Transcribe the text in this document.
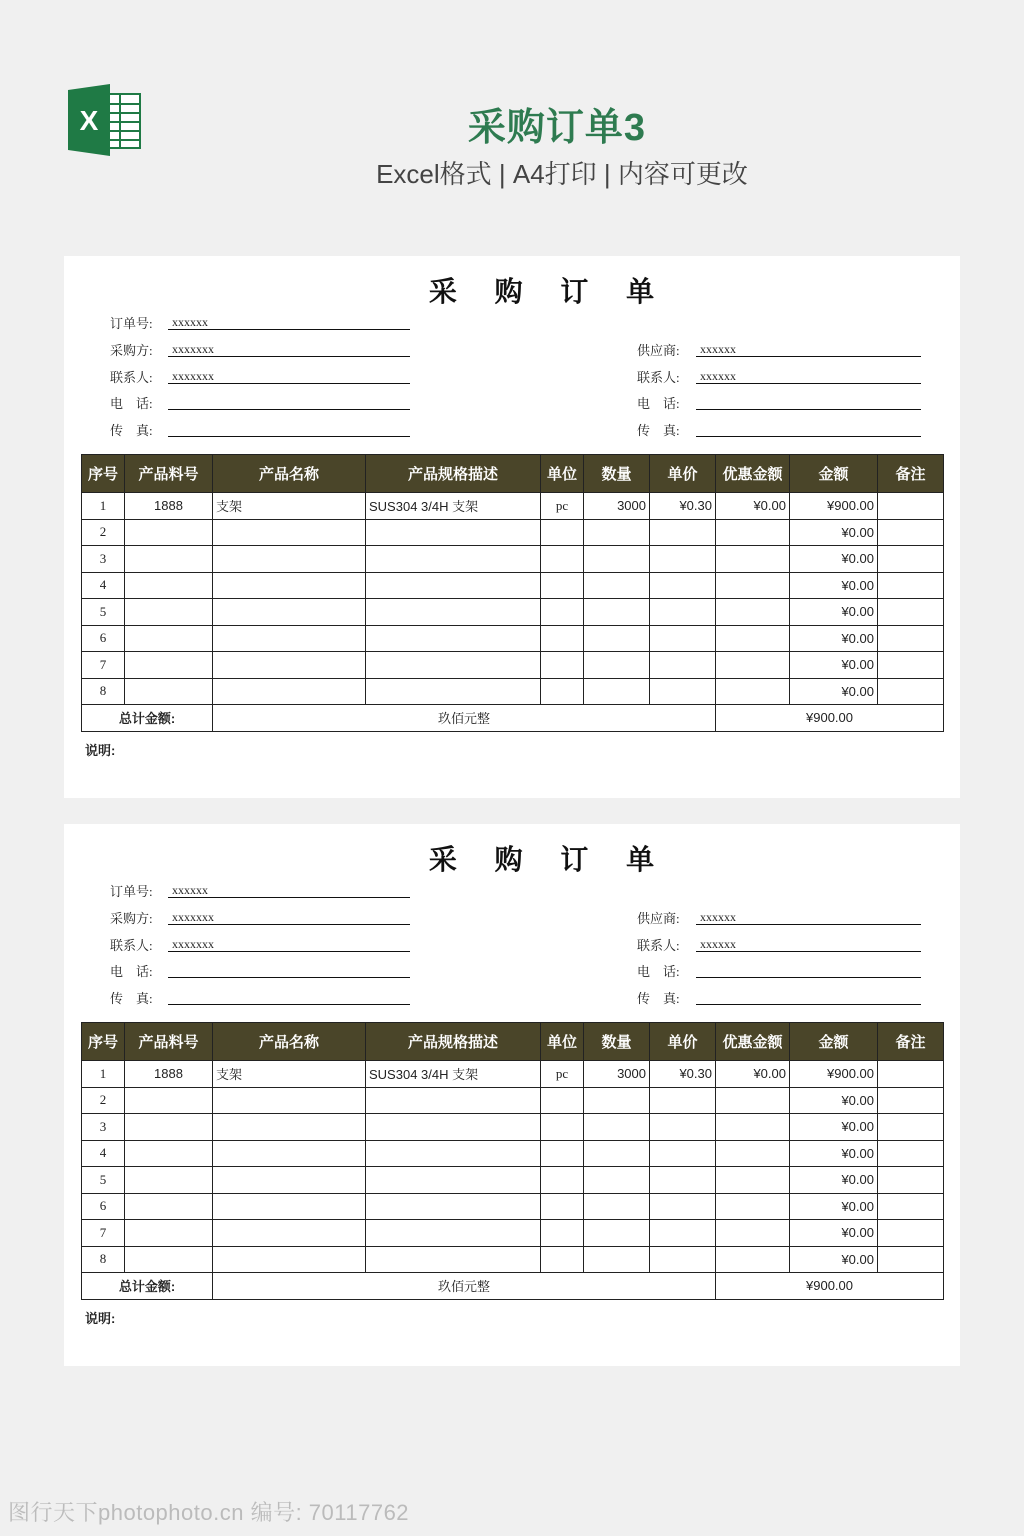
X	采购订单3
Excel格式 | A4打印 | 内容可更改
采 购 订 单
订单号: xxxxxx
采购方: xxxxxxx
联系人: xxxxxxx
电　话:
传　真:
供应商: xxxxxx
联系人: xxxxxx
电　话:
传　真:
序号	产品料号	产品名称	产品规格描述	单位	数量	单价	优惠金额	金额	备注
1	1888	支架	SUS304 3/4H 支架	pc	3000	¥0.30	¥0.00	¥900.00	
2								¥0.00	
3								¥0.00	
4								¥0.00	
5								¥0.00	
6								¥0.00	
7								¥0.00	
8								¥0.00	
总计金额:		玖佰元整					¥900.00		
说明:
采 购 订 单
订单号: xxxxxx
采购方: xxxxxxx
联系人: xxxxxxx
电　话:
传　真:
供应商: xxxxxx
联系人: xxxxxx
电　话:
传　真:
序号	产品料号	产品名称	产品规格描述	单位	数量	单价	优惠金额	金额	备注
1	1888	支架	SUS304 3/4H 支架	pc	3000	¥0.30	¥0.00	¥900.00	
2								¥0.00	
3								¥0.00	
4								¥0.00	
5								¥0.00	
6								¥0.00	
7								¥0.00	
8								¥0.00	
总计金额:		玖佰元整					¥900.00		
说明:
图行天下photophoto.cn 编号: 70117762
